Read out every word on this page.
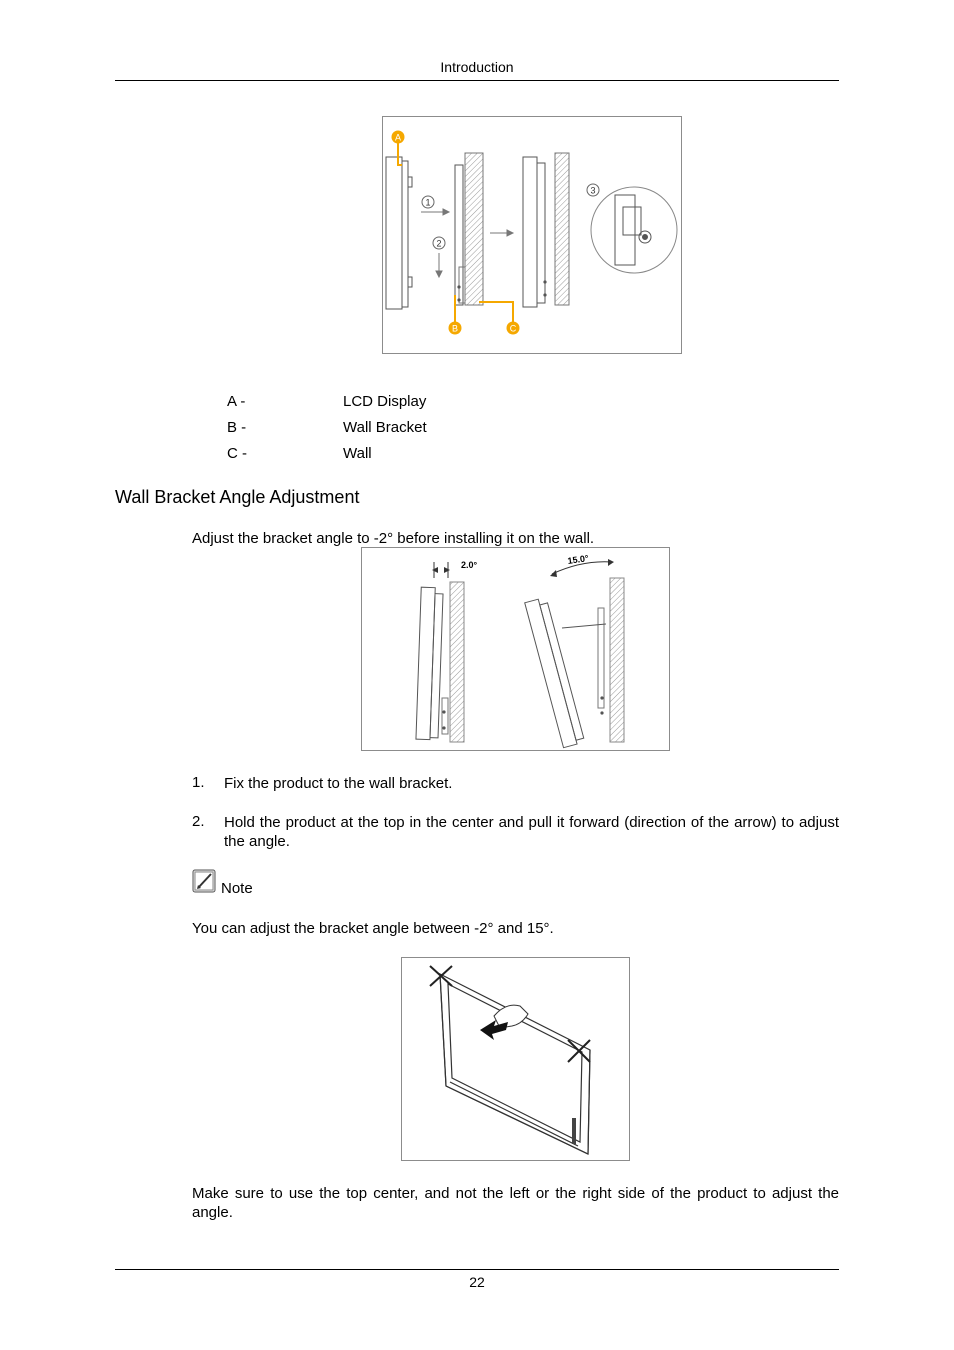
Introduction
A
B	C
1
2
3
A -	LCD Display
B -	Wall Bracket
C -	Wall
Wall Bracket Angle Adjustment
Adjust the bracket angle to -2° before installing it on the wall.
2.0°	15.0°
1. Fix the product to the wall bracket.
2. Hold the product at the top in the center and pull it forward (direction of the arrow) to adjust the angle.
Note
You can adjust the bracket angle between -2° and 15°.
Make sure to use the top center, and not the left or the right side of the product to adjust the angle.
22
